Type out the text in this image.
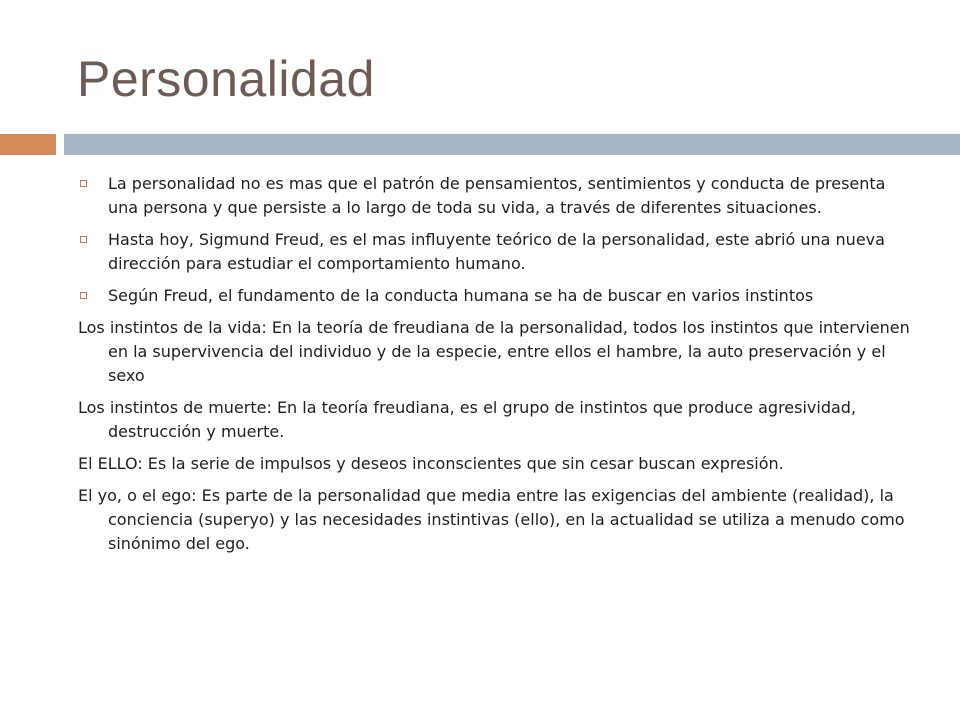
Personalidad

La personalidad no es mas que el patrón de pensamientos, sentimientos y conducta de presenta una persona y que persiste a lo largo de toda su vida, a través de diferentes situaciones.

Hasta hoy, Sigmund Freud, es el mas influyente teórico de la personalidad, este abrió una nueva dirección para estudiar el comportamiento humano.

Según Freud, el fundamento de la conducta humana se ha de buscar en varios instintos

Los instintos de la vida: En la teoría de freudiana de la personalidad, todos los instintos que intervienen en la supervivencia del individuo y de la especie, entre ellos el hambre, la auto preservación y el sexo

Los instintos de muerte: En la teoría freudiana, es el grupo de instintos que produce agresividad, destrucción y muerte.

El ELLO: Es la serie de impulsos y deseos inconscientes que sin cesar buscan expresión.

El yo, o el ego: Es parte de la personalidad que media entre las exigencias del ambiente (realidad), la conciencia (superyo) y las necesidades instintivas (ello), en la actualidad se utiliza a menudo como sinónimo del ego.
